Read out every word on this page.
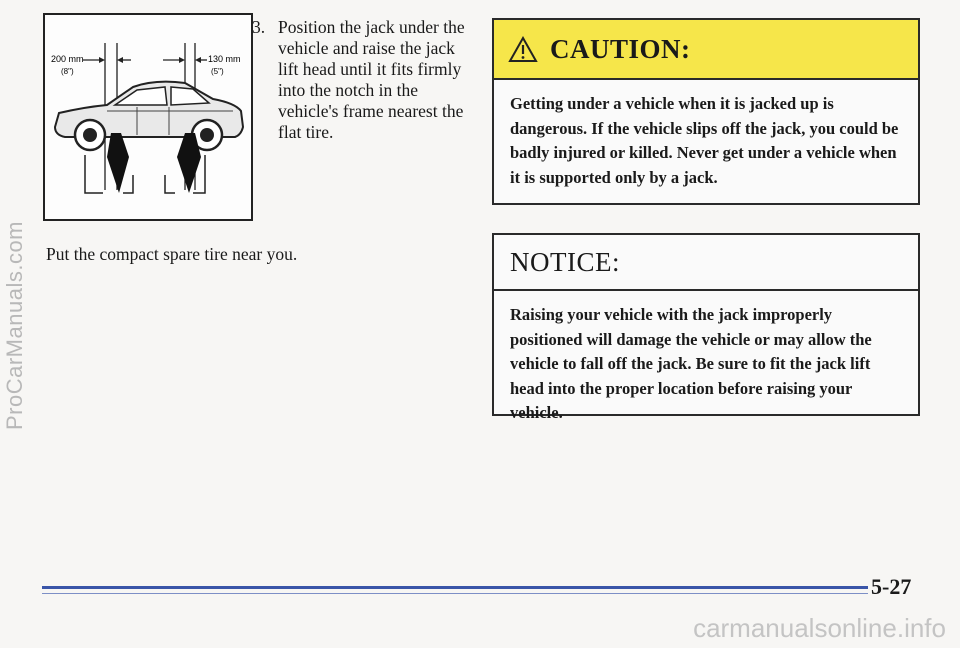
ProCarManuals.com
200 mm
(8")
130 mm
(5")
3. Position the jack under the vehicle and raise the jack lift head until it fits firmly into the notch in the vehicle's frame nearest the flat tire.
Put the compact spare tire near you.
CAUTION:
Getting under a vehicle when it is jacked up is dangerous. If the vehicle slips off the jack, you could be badly injured or killed. Never get under a vehicle when it is supported only by a jack.
NOTICE:
Raising your vehicle with the jack improperly positioned will damage the vehicle or may allow the vehicle to fall off the jack. Be sure to fit the jack lift head into the proper location before raising your vehicle.
5-27
carmanualsonline.info
